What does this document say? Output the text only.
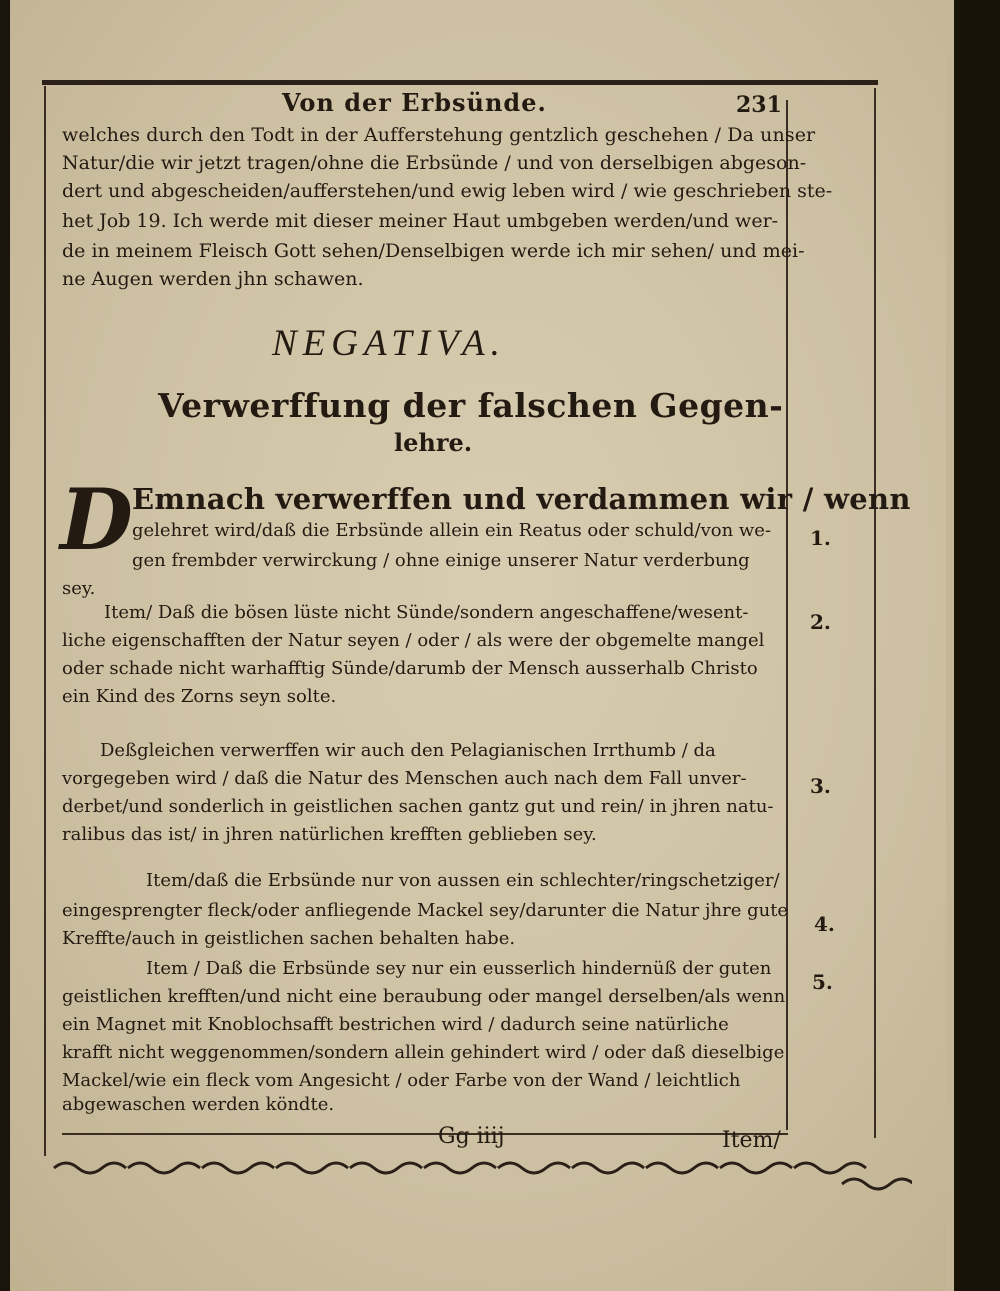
Von der Erbsünde.	231
welches durch den Todt in der Aufferstehung gentzlich geschehen / Da unser
Natur/die wir jetzt tragen/ohne die Erbsünde / und von derselbigen abgeson-
dert und abgescheiden/aufferstehen/und ewig leben wird / wie geschrieben ste-
het Job 19. Ich werde mit dieser meiner Haut umbgeben werden/und wer-
de in meinem Fleisch Gott sehen/Denselbigen werde ich mir sehen/ und mei-
ne Augen werden jhn schawen.
NEGATIVA.
Verwerffung der falschen Gegen-
lehre.
D Emnach verwerffen und verdammen wir / wenn
gelehret wird/daß die Erbsünde allein ein Reatus oder schuld/von we-
gen frembder verwirckung / ohne einige unserer Natur verderbung
sey.
1.
Item/ Daß die bösen lüste nicht Sünde/sondern angeschaffene/wesent-
liche eigenschafften der Natur seyen / oder / als were der obgemelte mangel
oder schade nicht warhafftig Sünde/darumb der Mensch ausserhalb Christo
ein Kind des Zorns seyn solte.
2.
Deßgleichen verwerffen wir auch den Pelagianischen Irrthumb / da
vorgegeben wird / daß die Natur des Menschen auch nach dem Fall unver-
derbet/und sonderlich in geistlichen sachen gantz gut und rein/ in jhren natu-
ralibus das ist/ in jhren natürlichen krefften geblieben sey.
3.
Item/daß die Erbsünde nur von aussen ein schlechter/ringschetziger/
eingesprengter fleck/oder anfliegende Mackel sey/darunter die Natur jhre gute
Kreffte/auch in geistlichen sachen behalten habe.
4.
Item / Daß die Erbsünde sey nur ein eusserlich hindernüß der guten
geistlichen krefften/und nicht eine beraubung oder mangel derselben/als wenn
ein Magnet mit Knoblochsafft bestrichen wird / dadurch seine natürliche
krafft nicht weggenommen/sondern allein gehindert wird / oder daß dieselbige
Mackel/wie ein fleck vom Angesicht / oder Farbe von der Wand / leichtlich
abgewaschen werden köndte.
5.
Gg iiij	Item/
